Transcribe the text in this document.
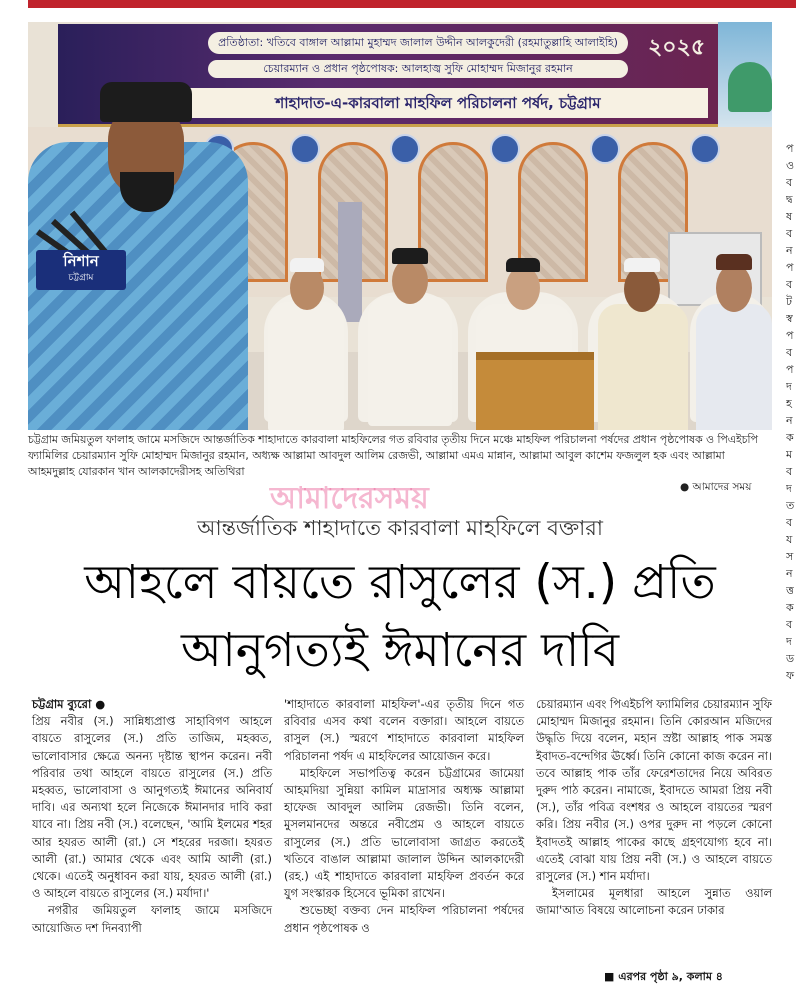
প্রতিষ্ঠাতা: খতিবে বাঙ্গাল আল্লামা মুহাম্মদ জালাল উদ্দীন আলকুদেরী (রহমাতুল্লাহি আলাইহি)
চেয়ারম্যান ও প্রধান পৃষ্ঠপোষক: আলহাজ্ব সুফি মোহাম্মদ মিজানুর রহমান
শাহাদাত-এ-কারবালা মাহফিল পরিচালনা পর্ষদ, চট্টগ্রাম
২০২৫
নিশান
চট্টগ্রাম
চট্টগ্রাম জমিয়তুল ফালাহ জামে মসজিদে আন্তর্জাতিক শাহাদাতে কারবালা মাহফিলের গত রবিবার তৃতীয় দিনে মঞ্চে মাহফিল পরিচালনা পর্ষদের প্রধান পৃষ্ঠপোষক ও পিএইচপি ফ্যামিলির চেয়ারম্যান সুফি মোহাম্মদ মিজানুর রহমান, অধ্যক্ষ আল্লামা আবদুল আলিম রেজভী, আল্লামা এমএ মান্নান, আল্লামা আবুল কাশেম ফজলুল হক এবং আল্লামা আহমদুল্লাহ যোরকান খান আলকাদেরীসহ অতিথিরা
আমাদেরসময়	● আমাদের সময়
আন্তর্জাতিক শাহাদাতে কারবালা মাহফিলে বক্তারা
আহলে বায়তে রাসুলের (স.) প্রতি
আনুগত্যই ঈমানের দাবি

চট্টগ্রাম ব্যুরো ●

প্রিয় নবীর (স.) সান্নিধ্যপ্রাপ্ত সাহাবিগণ আহলে বায়তে রাসুলের (স.) প্রতি তাজিম, মহব্বত, ভালোবাসার ক্ষেত্রে অনন্য দৃষ্টান্ত স্থাপন করেন। নবী পরিবার তথা আহলে বায়তে রাসুলের (স.) প্রতি মহব্বত, ভালোবাসা ও আনুগত্যই ঈমানের অনিবার্য দাবি। এর অন্যথা হলে নিজেকে ঈমানদার দাবি করা যাবে না। প্রিয় নবী (স.) বলেছেন, 'আমি ইলমের শহর আর হযরত আলী (রা.) সে শহরের দরজা। হযরত আলী (রা.) আমার থেকে এবং আমি আলী (রা.) থেকে। এতেই অনুধাবন করা যায়, হযরত আলী (রা.) ও আহলে বায়তে রাসুলের (স.) মর্যাদা।'

নগরীর জমিয়তুল ফালাহ জামে মসজিদে আয়োজিত দশ দিনব্যাপী

'শাহাদাতে কারবালা মাহফিল'-এর তৃতীয় দিনে গত রবিবার এসব কথা বলেন বক্তারা। আহলে বায়তে রাসুল (স.) স্মরণে শাহাদাতে কারবালা মাহফিল পরিচালনা পর্ষদ এ মাহফিলের আয়োজন করে।

মাহফিলে সভাপতিত্ব করেন চট্টগ্রামের জামেয়া আহমদিয়া সুন্নিয়া কামিল মাদ্রাসার অধ্যক্ষ আল্লামা হাফেজ আবদুল আলিম রেজভী। তিনি বলেন, মুসলমানদের অন্তরে নবীপ্রেম ও আহলে বায়তে রাসুলের (স.) প্রতি ভালোবাসা জাগ্রত করতেই খতিবে বাঙাল আল্লামা জালাল উদ্দিন আলকাদেরী (রহ.) এই শাহাদাতে কারবালা মাহফিল প্রবর্তন করে যুগ সংস্কারক হিসেবে ভূমিকা রাখেন।

শুভেচ্ছা বক্তব্য দেন মাহফিল পরিচালনা পর্ষদের প্রধান পৃষ্ঠপোষক ও

চেয়ারম্যান এবং পিএইচপি ফ্যামিলির চেয়ারম্যান সুফি মোহাম্মদ মিজানুর রহমান। তিনি কোরআন মজিদের উদ্ধৃতি দিয়ে বলেন, মহান স্রষ্টা আল্লাহ পাক সমস্ত ইবাদত-বন্দেগির ঊর্ধ্বে। তিনি কোনো কাজ করেন না। তবে আল্লাহ পাক তাঁর ফেরেশতাদের নিয়ে অবিরত দুরুদ পাঠ করেন। নামাজে, ইবাদতে আমরা প্রিয় নবী (স.), তাঁর পবিত্র বংশধর ও আহলে বায়তের স্মরণ করি। প্রিয় নবীর (স.) ওপর দুরুদ না পড়লে কোনো ইবাদতই আল্লাহ পাকের কাছে গ্রহণযোগ্য হবে না। এতেই বোঝা যায় প্রিয় নবী (স.) ও আহলে বায়তে রাসুলের (স.) শান মর্যাদা।

ইসলামের মূলধারা আহলে সুন্নাত ওয়াল জামা'আত বিষয়ে আলোচনা করেন ঢাকার

■ এরপর পৃষ্ঠা ৯, কলাম ৪
প ও ব দ্ব ষ ব ন প ব ট স্ব প ব প দ হ ন ক ম ব দ ত ব য স ন ত্ত ক ব দ ড ফ
